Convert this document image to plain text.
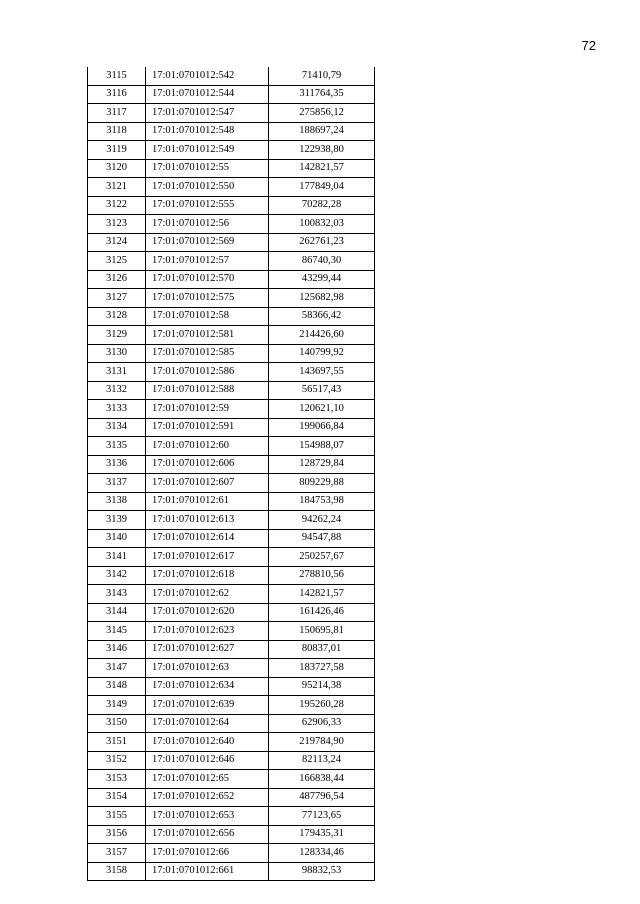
72
3115	17:01:0701012:542	71410,79
3116	17:01:0701012:544	311764,35
3117	17:01:0701012:547	275856,12
3118	17:01:0701012:548	188697,24
3119	17:01:0701012:549	122938,80
3120	17:01:0701012:55	142821,57
3121	17:01:0701012:550	177849,04
3122	17:01:0701012:555	70282,28
3123	17:01:0701012:56	100832,03
3124	17:01:0701012:569	262761,23
3125	17:01:0701012:57	86740,30
3126	17:01:0701012:570	43299,44
3127	17:01:0701012:575	125682,98
3128	17:01:0701012:58	58366,42
3129	17:01:0701012:581	214426,60
3130	17:01:0701012:585	140799,92
3131	17:01:0701012:586	143697,55
3132	17:01:0701012:588	56517,43
3133	17:01:0701012:59	120621,10
3134	17:01:0701012:591	199066,84
3135	17:01:0701012:60	154988,07
3136	17:01:0701012:606	128729,84
3137	17:01:0701012:607	809229,88
3138	17:01:0701012:61	184753,98
3139	17:01:0701012:613	94262,24
3140	17:01:0701012:614	94547,88
3141	17:01:0701012:617	250257,67
3142	17:01:0701012:618	278810,56
3143	17:01:0701012:62	142821,57
3144	17:01:0701012:620	161426,46
3145	17:01:0701012:623	150695,81
3146	17:01:0701012:627	80837,01
3147	17:01:0701012:63	183727,58
3148	17:01:0701012:634	95214,38
3149	17:01:0701012:639	195260,28
3150	17:01:0701012:64	62906,33
3151	17:01:0701012:640	219784,90
3152	17:01:0701012:646	82113,24
3153	17:01:0701012:65	166838,44
3154	17:01:0701012:652	487796,54
3155	17:01:0701012:653	77123,65
3156	17:01:0701012:656	179435,31
3157	17:01:0701012:66	128334,46
3158	17:01:0701012:661	98832,53
